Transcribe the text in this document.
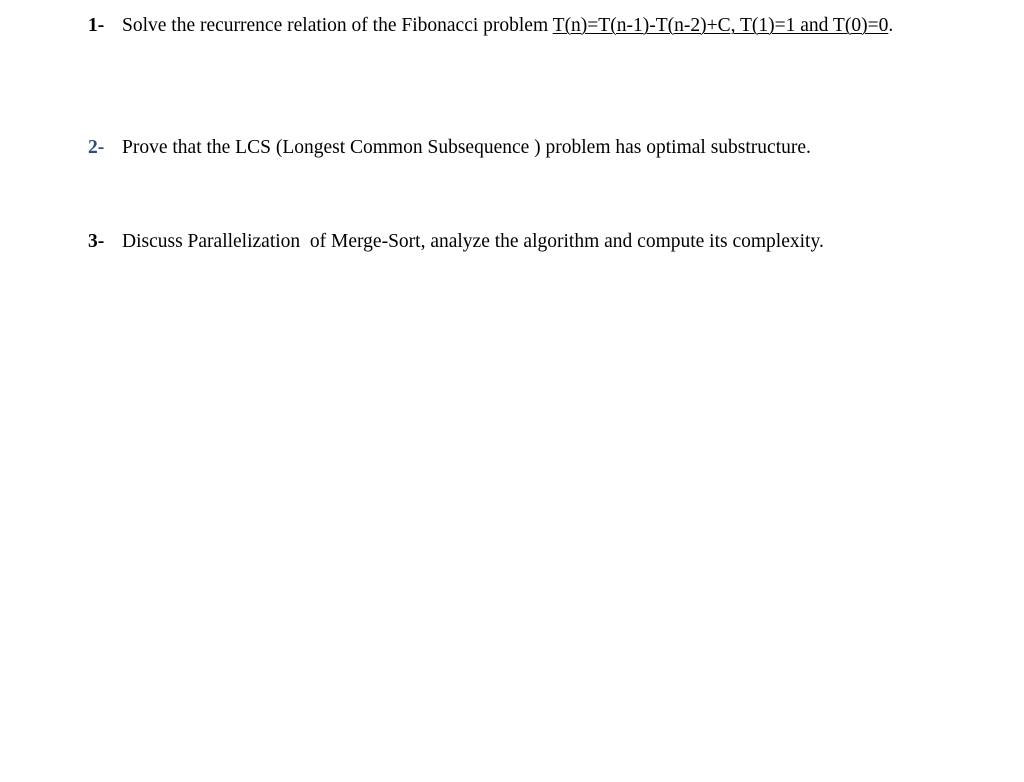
1- Solve the recurrence relation of the Fibonacci problem T(n)=T(n-1)-T(n-2)+C, T(1)=1 and T(0)=0.
2- Prove that the LCS (Longest Common Subsequence ) problem has optimal substructure.
3- Discuss Parallelization  of Merge-Sort, analyze the algorithm and compute its complexity.
